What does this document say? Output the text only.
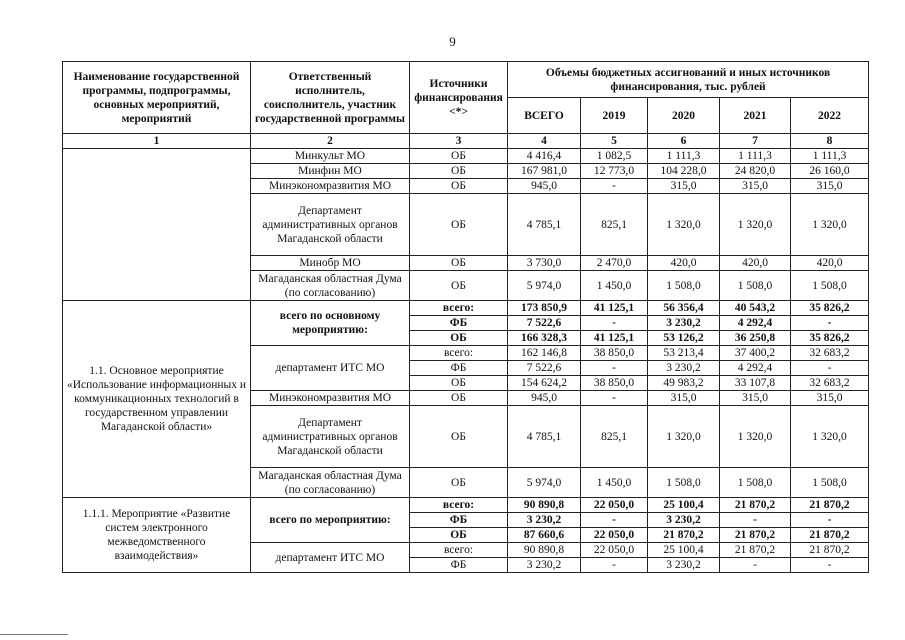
9
Наименование государственной программы, подпрограммы, основных мероприятий, мероприятий	Ответственный исполнитель, соисполнитель, участник государственной программы	Источники финансирования <*>	Объемы бюджетных ассигнований и иных источников финансирования, тыс. рублей				
			ВСЕГО	2019	2020	2021	2022
1	2	3	4	5	6	7	8
	Минкульт МО	ОБ	4 416,4	1 082,5	1 111,3	1 111,3	1 111,3
	Минфин МО	ОБ	167 981,0	12 773,0	104 228,0	24 820,0	26 160,0
	Минэкономразвития МО	ОБ	945,0	-	315,0	315,0	315,0
	Департамент административных органов Магаданской области	ОБ	4 785,1	825,1	1 320,0	1 320,0	1 320,0
	Минобр МО	ОБ	3 730,0	2 470,0	420,0	420,0	420,0
	Магаданская областная Дума (по согласованию)	ОБ	5 974,0	1 450,0	1 508,0	1 508,0	1 508,0
1.1. Основное мероприятие «Использование информационных и коммуникационных технологий в государственном управлении Магаданской области»	всего по основному мероприятию:	всего:	173 850,9	41 125,1	56 356,4	40 543,2	35 826,2
		ФБ	7 522,6	-	3 230,2	4 292,4	-
		ОБ	166 328,3	41 125,1	53 126,2	36 250,8	35 826,2
	департамент ИТС МО	всего:	162 146,8	38 850,0	53 213,4	37 400,2	32 683,2
		ФБ	7 522,6	-	3 230,2	4 292,4	-
		ОБ	154 624,2	38 850,0	49 983,2	33 107,8	32 683,2
	Минэкономразвития МО	ОБ	945,0	-	315,0	315,0	315,0
	Департамент административных органов Магаданской области	ОБ	4 785,1	825,1	1 320,0	1 320,0	1 320,0
	Магаданская областная Дума (по согласованию)	ОБ	5 974,0	1 450,0	1 508,0	1 508,0	1 508,0
1.1.1. Мероприятие «Развитие систем электронного межведомственного взаимодействия»	всего по мероприятию:	всего:	90 890,8	22 050,0	25 100,4	21 870,2	21 870,2
		ФБ	3 230,2	-	3 230,2	-	-
		ОБ	87 660,6	22 050,0	21 870,2	21 870,2	21 870,2
	департамент ИТС МО	всего:	90 890,8	22 050,0	25 100,4	21 870,2	21 870,2
		ФБ	3 230,2	-	3 230,2	-	-
